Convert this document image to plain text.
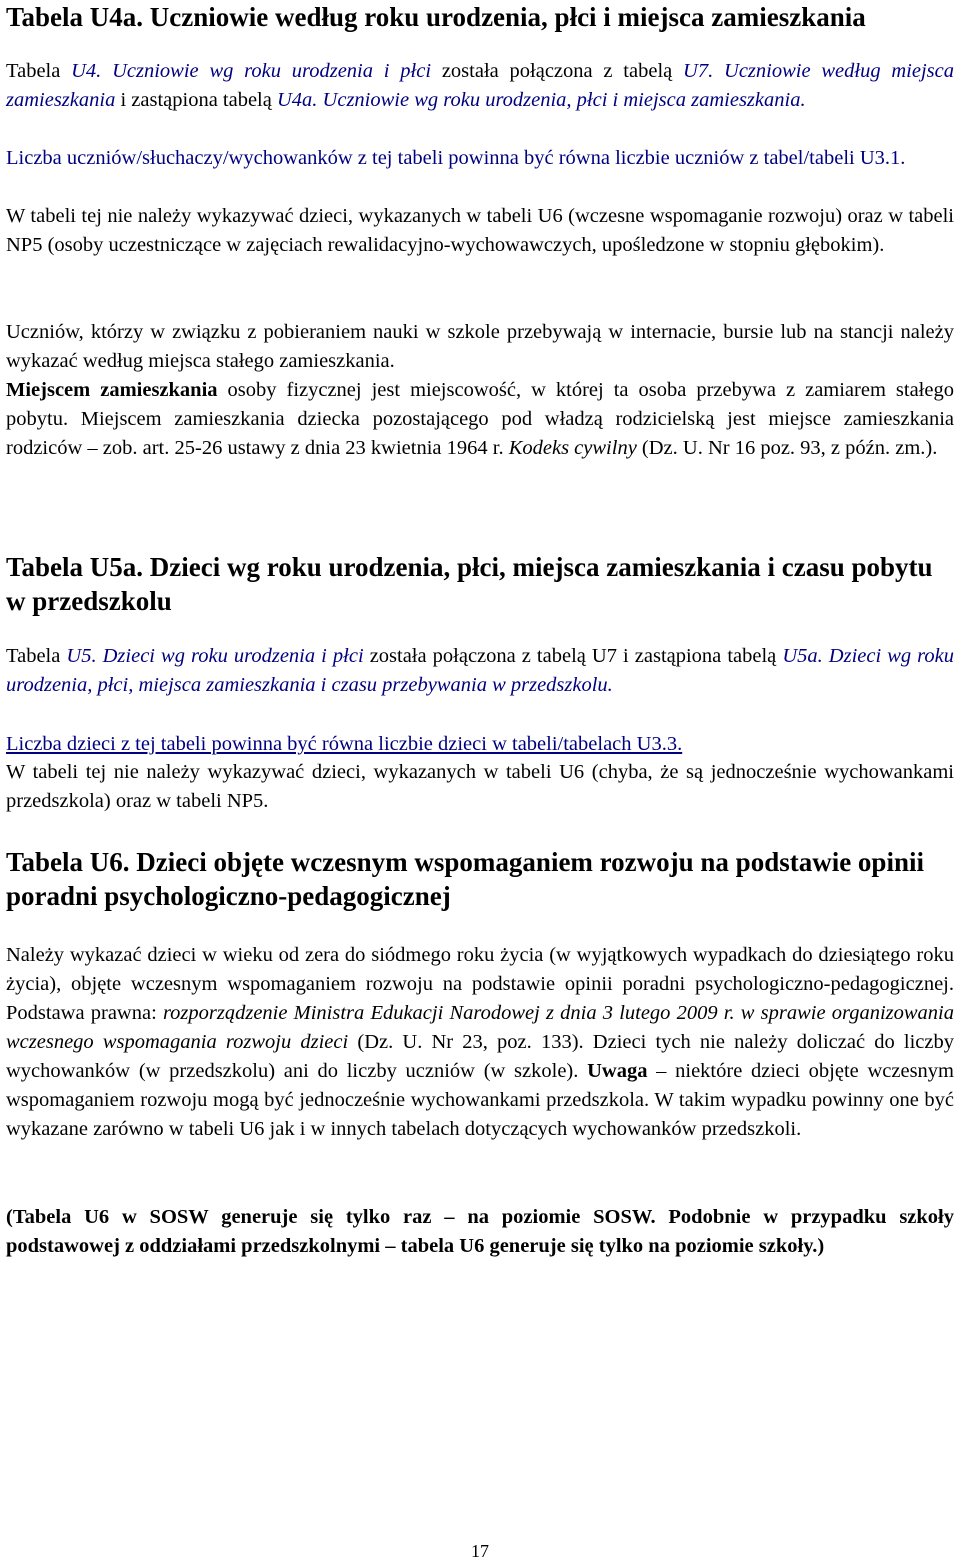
Tabela U4a. Uczniowie według roku urodzenia, płci i miejsca zamieszkania

Tabela U4. Uczniowie wg roku urodzenia i płci została połączona z tabelą U7. Uczniowie według miejsca zamieszkania i zastąpiona tabelą U4a. Uczniowie wg roku urodzenia, płci i miejsca zamieszkania.

Liczba uczniów/słuchaczy/wychowanków z tej tabeli powinna być równa liczbie uczniów z tabel/tabeli U3.1.

W tabeli tej nie należy wykazywać dzieci, wykazanych w tabeli U6 (wczesne wspomaganie rozwoju) oraz w tabeli NP5 (osoby uczestniczące w zajęciach rewalidacyjno-wychowawczych, upośledzone w stopniu głębokim).

Uczniów, którzy w związku z pobieraniem nauki w szkole przebywają w internacie, bursie lub na stancji należy wykazać według miejsca stałego zamieszkania.

Miejscem zamieszkania osoby fizycznej jest miejscowość, w której ta osoba przebywa z zamiarem stałego pobytu. Miejscem zamieszkania dziecka pozostającego pod władzą rodzicielską jest miejsce zamieszkania rodziców – zob. art. 25-26 ustawy z dnia 23 kwietnia 1964 r. Kodeks cywilny (Dz. U. Nr 16 poz. 93, z późn. zm.).

Tabela U5a. Dzieci wg roku urodzenia, płci, miejsca zamieszkania i czasu pobytu w przedszkolu

Tabela U5. Dzieci wg roku urodzenia i płci została połączona z tabelą U7 i zastąpiona tabelą U5a. Dzieci wg roku urodzenia, płci, miejsca zamieszkania i czasu przebywania w przedszkolu.

Liczba dzieci z tej tabeli powinna być równa liczbie dzieci w tabeli/tabelach U3.3.

W tabeli tej nie należy wykazywać dzieci, wykazanych w tabeli U6 (chyba, że są jednocześnie wychowankami przedszkola) oraz w tabeli NP5.

Tabela U6. Dzieci objęte wczesnym wspomaganiem rozwoju na podstawie opinii poradni psychologiczno-pedagogicznej

Należy wykazać dzieci w wieku od zera do siódmego roku życia (w wyjątkowych wypadkach do dziesiątego roku życia), objęte wczesnym wspomaganiem rozwoju na podstawie opinii poradni psychologiczno-pedagogicznej. Podstawa prawna: rozporządzenie Ministra Edukacji Narodowej z dnia 3 lutego 2009 r. w sprawie organizowania wczesnego wspomagania rozwoju dzieci (Dz. U. Nr 23, poz. 133). Dzieci tych nie należy doliczać do liczby wychowanków (w przedszkolu) ani do liczby uczniów (w szkole). Uwaga – niektóre dzieci objęte wczesnym wspomaganiem rozwoju mogą być jednocześnie wychowankami przedszkola. W takim wypadku powinny one być wykazane zarówno w tabeli U6 jak i w innych tabelach dotyczących wychowanków przedszkoli.

(Tabela U6 w SOSW generuje się tylko raz – na poziomie SOSW. Podobnie w przypadku szkoły podstawowej z oddziałami przedszkolnymi – tabela U6 generuje się tylko na poziomie szkoły.)

17
